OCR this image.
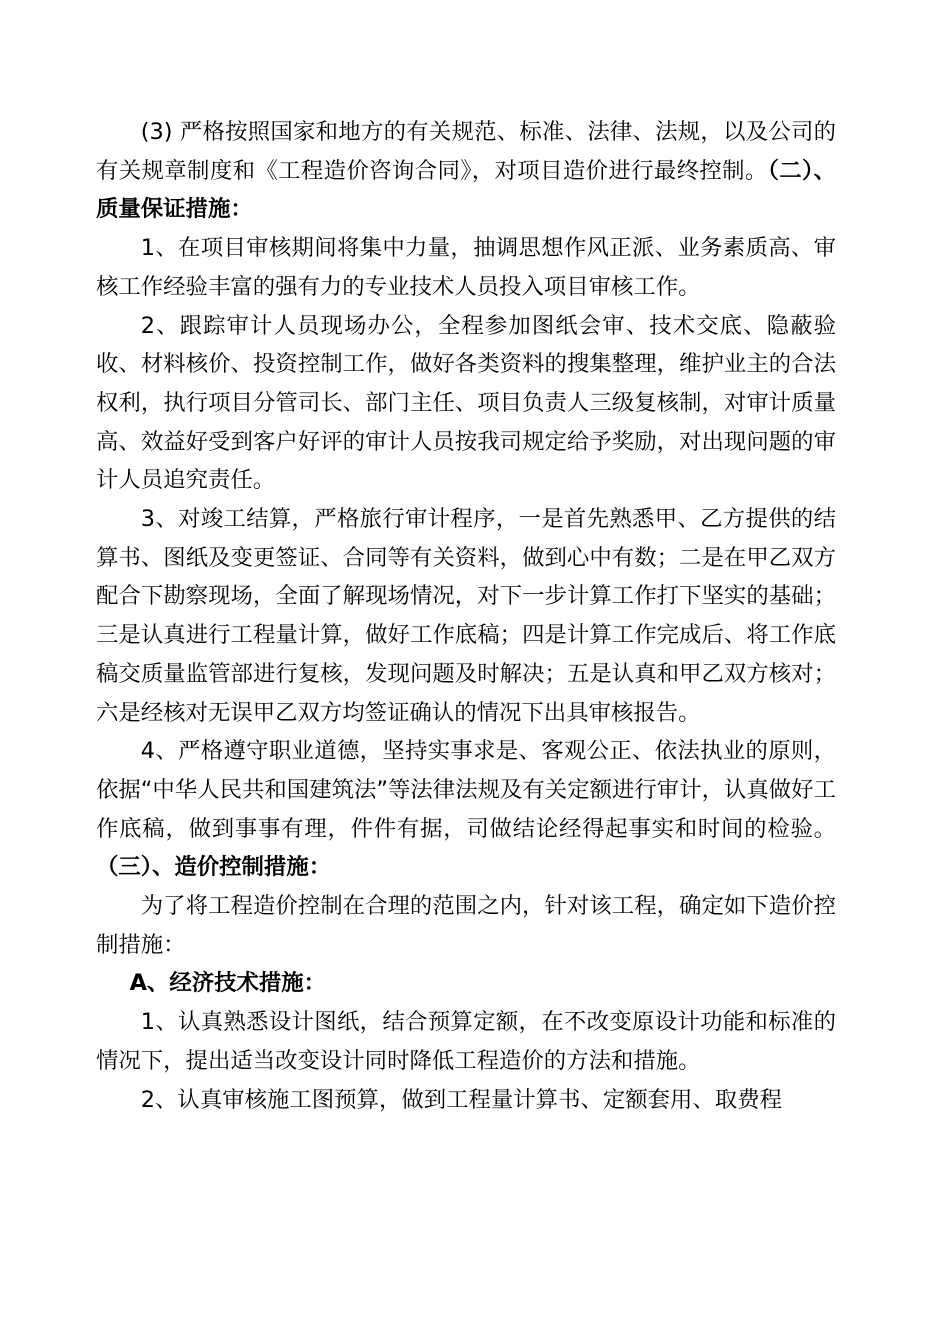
(3) 严格按照国家和地方的有关规范、标准、法律、法规，以及公司的有关规章制度和《工程造价咨询合同》，对项目造价进行最终控制。（二）、质量保证措施：

1、在项目审核期间将集中力量，抽调思想作风正派、业务素质高、审核工作经验丰富的强有力的专业技术人员投入项目审核工作。

2、跟踪审计人员现场办公，全程参加图纸会审、技术交底、隐蔽验收、材料核价、投资控制工作，做好各类资料的搜集整理，维护业主的合法权利，执行项目分管司长、部门主任、项目负责人三级复核制，对审计质量高、效益好受到客户好评的审计人员按我司规定给予奖励，对出现问题的审计人员追究责任。

3、对竣工结算，严格旅行审计程序，一是首先熟悉甲、乙方提供的结算书、图纸及变更签证、合同等有关资料，做到心中有数；二是在甲乙双方配合下勘察现场，全面了解现场情况，对下一步计算工作打下坚实的基础；三是认真进行工程量计算，做好工作底稿；四是计算工作完成后、将工作底稿交质量监管部进行复核，发现问题及时解决；五是认真和甲乙双方核对；六是经核对无误甲乙双方均签证确认的情况下出具审核报告。

4、严格遵守职业道德，坚持实事求是、客观公正、依法执业的原则，依据“中华人民共和国建筑法”等法律法规及有关定额进行审计，认真做好工作底稿，做到事事有理，件件有据，司做结论经得起事实和时间的检验。（三）、造价控制措施：

为了将工程造价控制在合理的范围之内，针对该工程，确定如下造价控制措施：

A、经济技术措施：

1、认真熟悉设计图纸，结合预算定额，在不改变原设计功能和标准的情况下，提出适当改变设计同时降低工程造价的方法和措施。

2、认真审核施工图预算，做到工程量计算书、定额套用、取费程
